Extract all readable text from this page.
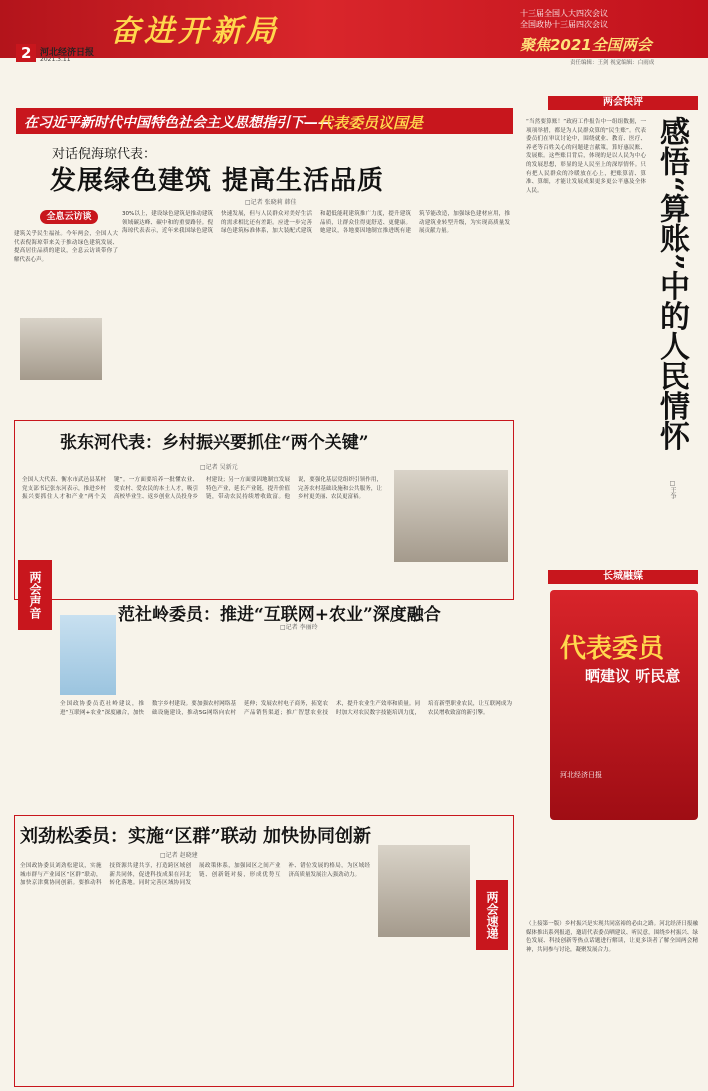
奋进开新局
十三届全国人大四次会议
全国政协十三届四次会议
聚焦2021全国两会
2 河北经济日报
2021.3.11	责任编辑：王剑 视觉编辑：白雨成
在习近平新时代中国特色社会主义思想指引下——
代表委员议国是
对话倪海琼代表：
发展绿色建筑 提高生活品质
□记者 张晓莉 韩佳
全息云访谈
建筑关乎民生福祉。今年两会，全国人大代表倪海琼带来关于推动绿色建筑发展、提高居住品质的建议，全息云访谈带你了解代表心声。
30%以上，建设绿色建筑是推动建筑领域碳达峰、碳中和的重要路径。倪海琼代表表示，近年来我国绿色建筑快速发展，但与人民群众对美好生活的需求相比还有差距。应进一步完善绿色建筑标准体系，加大装配式建筑和超低能耗建筑推广力度，提升建筑品质，让群众住得更舒适、更健康。她建议，各地要因地制宜推进既有建筑节能改造，加强绿色建材应用，推动建筑业转型升级，为实现高质量发展贡献力量。
两会快评
“当然要算账！”政府工作报告中一组组数据，一项项举措，都是为人民群众算的“民生账”。代表委员们在审议讨论中，围绕就业、教育、医疗、养老等百姓关心的问题建言献策，算好惠民账、发展账。这些账目背后，体现的是以人民为中心的发展思想，彰显的是人民至上的深厚情怀。只有把人民群众的冷暖放在心上，把账算清、算准、算细，才能让发展成果更多更公平惠及全体人民。	感悟“算账”中的人民情怀
□王争
长城融媒
代表委员
晒建议 听民意
河北经济日报
（上接第一版）乡村振兴是实现共同富裕的必由之路。河北经济日报融媒体推出系列报道，邀请代表委员晒建议、听民意，围绕乡村振兴、绿色发展、科技创新等热点话题进行解读，让更多读者了解全国两会精神，共同参与讨论，凝聚发展合力。
张东河代表：乡村振兴要抓住“两个关键”
□记者 吴新元
全国人大代表、衡水市武邑县某村党支部书记张东河表示，推进乡村振兴要抓住人才和产业“两个关键”。一方面要培养一批懂农业、爱农村、爱农民的本土人才，吸引高校毕业生、返乡创业人员投身乡村建设；另一方面要因地制宜发展特色产业，延长产业链，提升价值链，带动农民持续增收致富。他说，要强化基层党组织引领作用，完善农村基础设施和公共服务，让乡村更美丽、农民更富裕。
两会声音	范社岭委员：推进“互联网+农业”深度融合
□记者 李丽玲
全国政协委员范社岭建议，推进“互联网+农业”深度融合，加快数字乡村建设。要加强农村网络基础设施建设，推动5G网络向农村延伸；发展农村电子商务，拓宽农产品销售渠道；推广智慧农业技术，提升农业生产效率和质量。同时加大对农民数字技能培训力度，培育新型职业农民，让互联网成为农民增收致富的新引擎。
刘劲松委员：实施“区群”联动 加快协同创新
□记者 赵晓建
全国政协委员刘劲松建议，实施城市群与产业园区“区群”联动，加快京津冀协同创新。要推动科技资源共建共享，打造跨区域创新共同体，促进科技成果在河北转化落地。同时完善区域协同发展政策体系，加强园区之间产业链、创新链对接，形成优势互补、错位发展的格局，为区域经济高质量发展注入强劲动力。
两会速递
